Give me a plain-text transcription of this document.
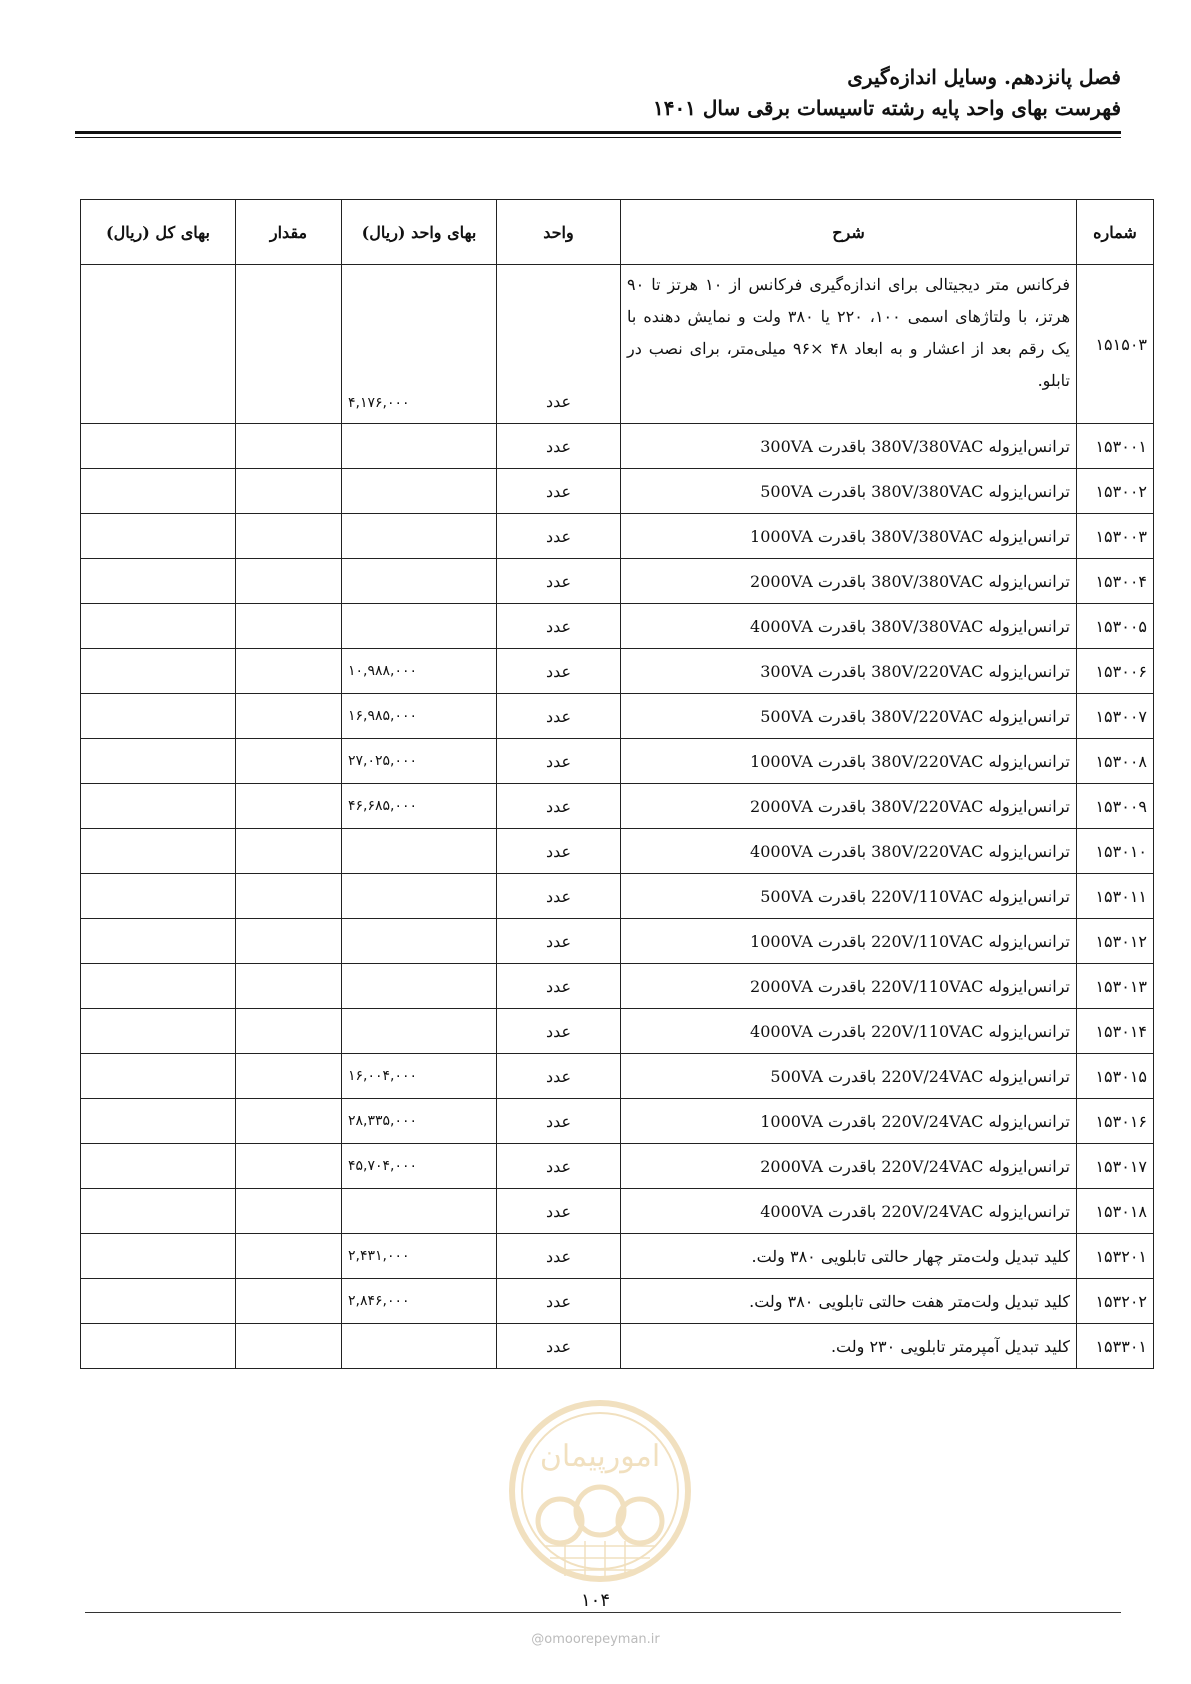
فصل پانزدهم. وسایل اندازه‌گیری
فهرست بهای واحد پایه رشته تاسیسات برقی سال ۱۴۰۱
شماره	شرح	واحد	بهای واحد (ریال)	مقدار	بهای کل (ریال)
۱۵۱۵۰۳	فرکانس متر دیجیتالی برای اندازه‌گیری فرکانس از ۱۰ هرتز تا ۹۰ هرتز، با ولتاژهای اسمی ۱۰۰، ۲۲۰ یا ۳۸۰ ولت و نمایش دهنده با یک رقم بعد از اعشار و به ابعاد ۴۸ ×۹۶ میلی‌متر، برای نصب در تابلو.	عدد	۴,۱۷۶,۰۰۰		
۱۵۳۰۰۱	ترانس‌ایزوله 380V/380VAC باقدرت 300VA	عدد			
۱۵۳۰۰۲	ترانس‌ایزوله 380V/380VAC باقدرت 500VA	عدد			
۱۵۳۰۰۳	ترانس‌ایزوله 380V/380VAC باقدرت 1000VA	عدد			
۱۵۳۰۰۴	ترانس‌ایزوله 380V/380VAC باقدرت 2000VA	عدد			
۱۵۳۰۰۵	ترانس‌ایزوله 380V/380VAC باقدرت 4000VA	عدد			
۱۵۳۰۰۶	ترانس‌ایزوله 380V/220VAC باقدرت 300VA	عدد	۱۰,۹۸۸,۰۰۰		
۱۵۳۰۰۷	ترانس‌ایزوله 380V/220VAC باقدرت 500VA	عدد	۱۶,۹۸۵,۰۰۰		
۱۵۳۰۰۸	ترانس‌ایزوله 380V/220VAC باقدرت 1000VA	عدد	۲۷,۰۲۵,۰۰۰		
۱۵۳۰۰۹	ترانس‌ایزوله 380V/220VAC باقدرت 2000VA	عدد	۴۶,۶۸۵,۰۰۰		
۱۵۳۰۱۰	ترانس‌ایزوله 380V/220VAC باقدرت 4000VA	عدد			
۱۵۳۰۱۱	ترانس‌ایزوله 220V/110VAC باقدرت 500VA	عدد			
۱۵۳۰۱۲	ترانس‌ایزوله 220V/110VAC باقدرت 1000VA	عدد			
۱۵۳۰۱۳	ترانس‌ایزوله 220V/110VAC باقدرت 2000VA	عدد			
۱۵۳۰۱۴	ترانس‌ایزوله 220V/110VAC باقدرت 4000VA	عدد			
۱۵۳۰۱۵	ترانس‌ایزوله 220V/24VAC باقدرت 500VA	عدد	۱۶,۰۰۴,۰۰۰		
۱۵۳۰۱۶	ترانس‌ایزوله 220V/24VAC باقدرت 1000VA	عدد	۲۸,۳۳۵,۰۰۰		
۱۵۳۰۱۷	ترانس‌ایزوله 220V/24VAC باقدرت 2000VA	عدد	۴۵,۷۰۴,۰۰۰		
۱۵۳۰۱۸	ترانس‌ایزوله 220V/24VAC باقدرت 4000VA	عدد			
۱۵۳۲۰۱	کلید تبدیل ولت‌متر چهار حالتی تابلویی ۳۸۰ ولت.	عدد	۲,۴۳۱,۰۰۰		
۱۵۳۲۰۲	کلید تبدیل ولت‌متر هفت حالتی تابلویی ۳۸۰ ولت.	عدد	۲,۸۴۶,۰۰۰		
۱۵۳۳۰۱	کلید تبدیل آمپرمتر تابلویی ۲۳۰ ولت.	عدد			
امورپیمان
۱۰۴
@omoorepeyman.ir
